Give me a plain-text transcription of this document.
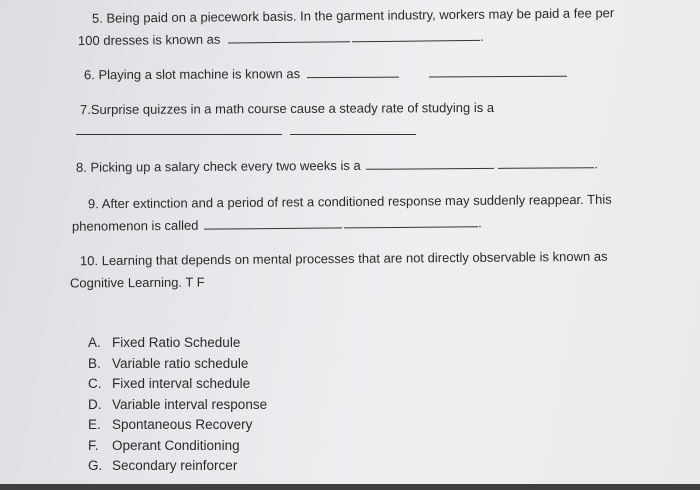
5. Being paid on a piecework basis. In the garment industry, workers may be paid a fee per
100 dresses is known as	.
6. Playing a slot machine is known as
7.Surprise quizzes in a math course cause a steady rate of studying is a
8. Picking up a salary check every two weeks is a	.
9. After extinction and a period of rest a conditioned response may suddenly reappear. This
phenomenon is called	.
10. Learning that depends on mental processes that are not directly observable is known as
Cognitive Learning. T F
A. Fixed Ratio Schedule
B. Variable ratio schedule
C. Fixed interval schedule
D. Variable interval response
E. Spontaneous Recovery
F. Operant Conditioning
G. Secondary reinforcer
